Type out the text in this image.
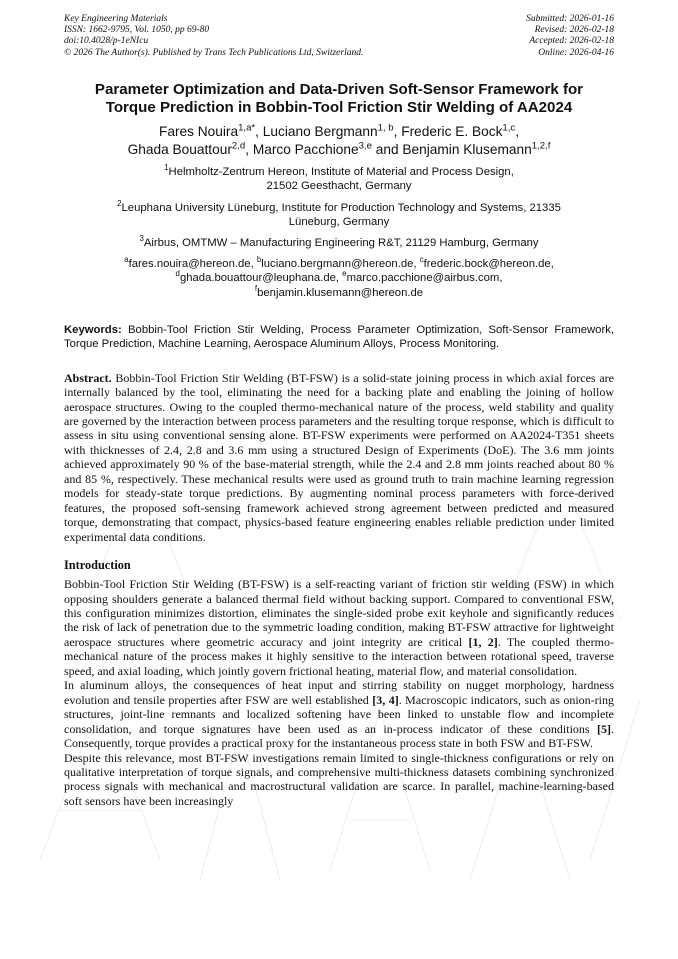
Key Engineering Materials
ISSN: 1662-9795, Vol. 1050, pp 69-80
doi:10.4028/p-1eNIcu
© 2026 The Author(s). Published by Trans Tech Publications Ltd, Switzerland.
Submitted: 2026-01-16
Revised: 2026-02-18
Accepted: 2026-02-18
Online: 2026-04-16
Parameter Optimization and Data-Driven Soft-Sensor Framework for
Torque Prediction in Bobbin-Tool Friction Stir Welding of AA2024
Fares Nouira$^{1,a*}$, Luciano Bergmann$^{1, b}$, Frederic E. Bock$^{1,c}$,
Ghada Bouattour$^{2,d}$, Marco Pacchione$^{3,e}$ and Benjamin Klusemann$^{1,2,f}$
$^1$Helmholtz-Zentrum Hereon, Institute of Material and Process Design,
21502 Geesthacht, Germany
$^2$Leuphana University Lüneburg, Institute for Production Technology and Systems, 21335
Lüneburg, Germany
$^3$Airbus, OMTMW – Manufacturing Engineering R&T, 21129 Hamburg, Germany
$^a$fares.nouira@hereon.de, $^b$luciano.bergmann@hereon.de, $^c$frederic.bock@hereon.de,
$^d$ghada.bouattour@leuphana.de, $^e$marco.pacchione@airbus.com,
$^f$benjamin.klusemann@hereon.de
Keywords: Bobbin-Tool Friction Stir Welding, Process Parameter Optimization, Soft-Sensor Framework, Torque Prediction, Machine Learning, Aerospace Aluminum Alloys, Process Monitoring.
Abstract. Bobbin-Tool Friction Stir Welding (BT-FSW) is a solid-state joining process in which axial forces are internally balanced by the tool, eliminating the need for a backing plate and enabling the joining of hollow aerospace structures. Owing to the coupled thermo-mechanical nature of the process, weld stability and quality are governed by the interaction between process parameters and the resulting torque response, which is difficult to assess in situ using conventional sensing alone. BT-FSW experiments were performed on AA2024-T351 sheets with thicknesses of 2.4, 2.8 and 3.6 mm using a structured Design of Experiments (DoE). The 3.6 mm joints achieved approximately 90 % of the base-material strength, while the 2.4 and 2.8 mm joints reached about 80 % and 85 %, respectively. These mechanical results were used as ground truth to train machine learning regression models for steady-state torque predictions. By augmenting nominal process parameters with force-derived features, the proposed soft-sensing framework achieved strong agreement between predicted and measured torque, demonstrating that compact, physics-based feature engineering enables reliable prediction under limited experimental data conditions.
Introduction
Bobbin-Tool Friction Stir Welding (BT-FSW) is a self-reacting variant of friction stir welding (FSW) in which opposing shoulders generate a balanced thermal field without backing support. Compared to conventional FSW, this configuration minimizes distortion, eliminates the single-sided probe exit keyhole and significantly reduces the risk of lack of penetration due to the symmetric loading condition, making BT-FSW attractive for lightweight aerospace structures where geometric accuracy and joint integrity are critical [1, 2]. The coupled thermo-mechanical nature of the process makes it highly sensitive to the interaction between rotational speed, traverse speed, and axial loading, which jointly govern frictional heating, material flow, and material consolidation.
In aluminum alloys, the consequences of heat input and stirring stability on nugget morphology, hardness evolution and tensile properties after FSW are well established [3, 4]. Macroscopic indicators, such as onion-ring structures, joint-line remnants and localized softening have been linked to unstable flow and incomplete consolidation, and torque signatures have been used as an in-process indicator of these conditions [5]. Consequently, torque provides a practical proxy for the instantaneous process state in both FSW and BT-FSW.
Despite this relevance, most BT-FSW investigations remain limited to single-thickness configurations or rely on qualitative interpretation of torque signals, and comprehensive multi-thickness datasets combining synchronized process signals with mechanical and macrostructural validation are scarce. In parallel, machine-learning-based soft sensors have been increasingly
